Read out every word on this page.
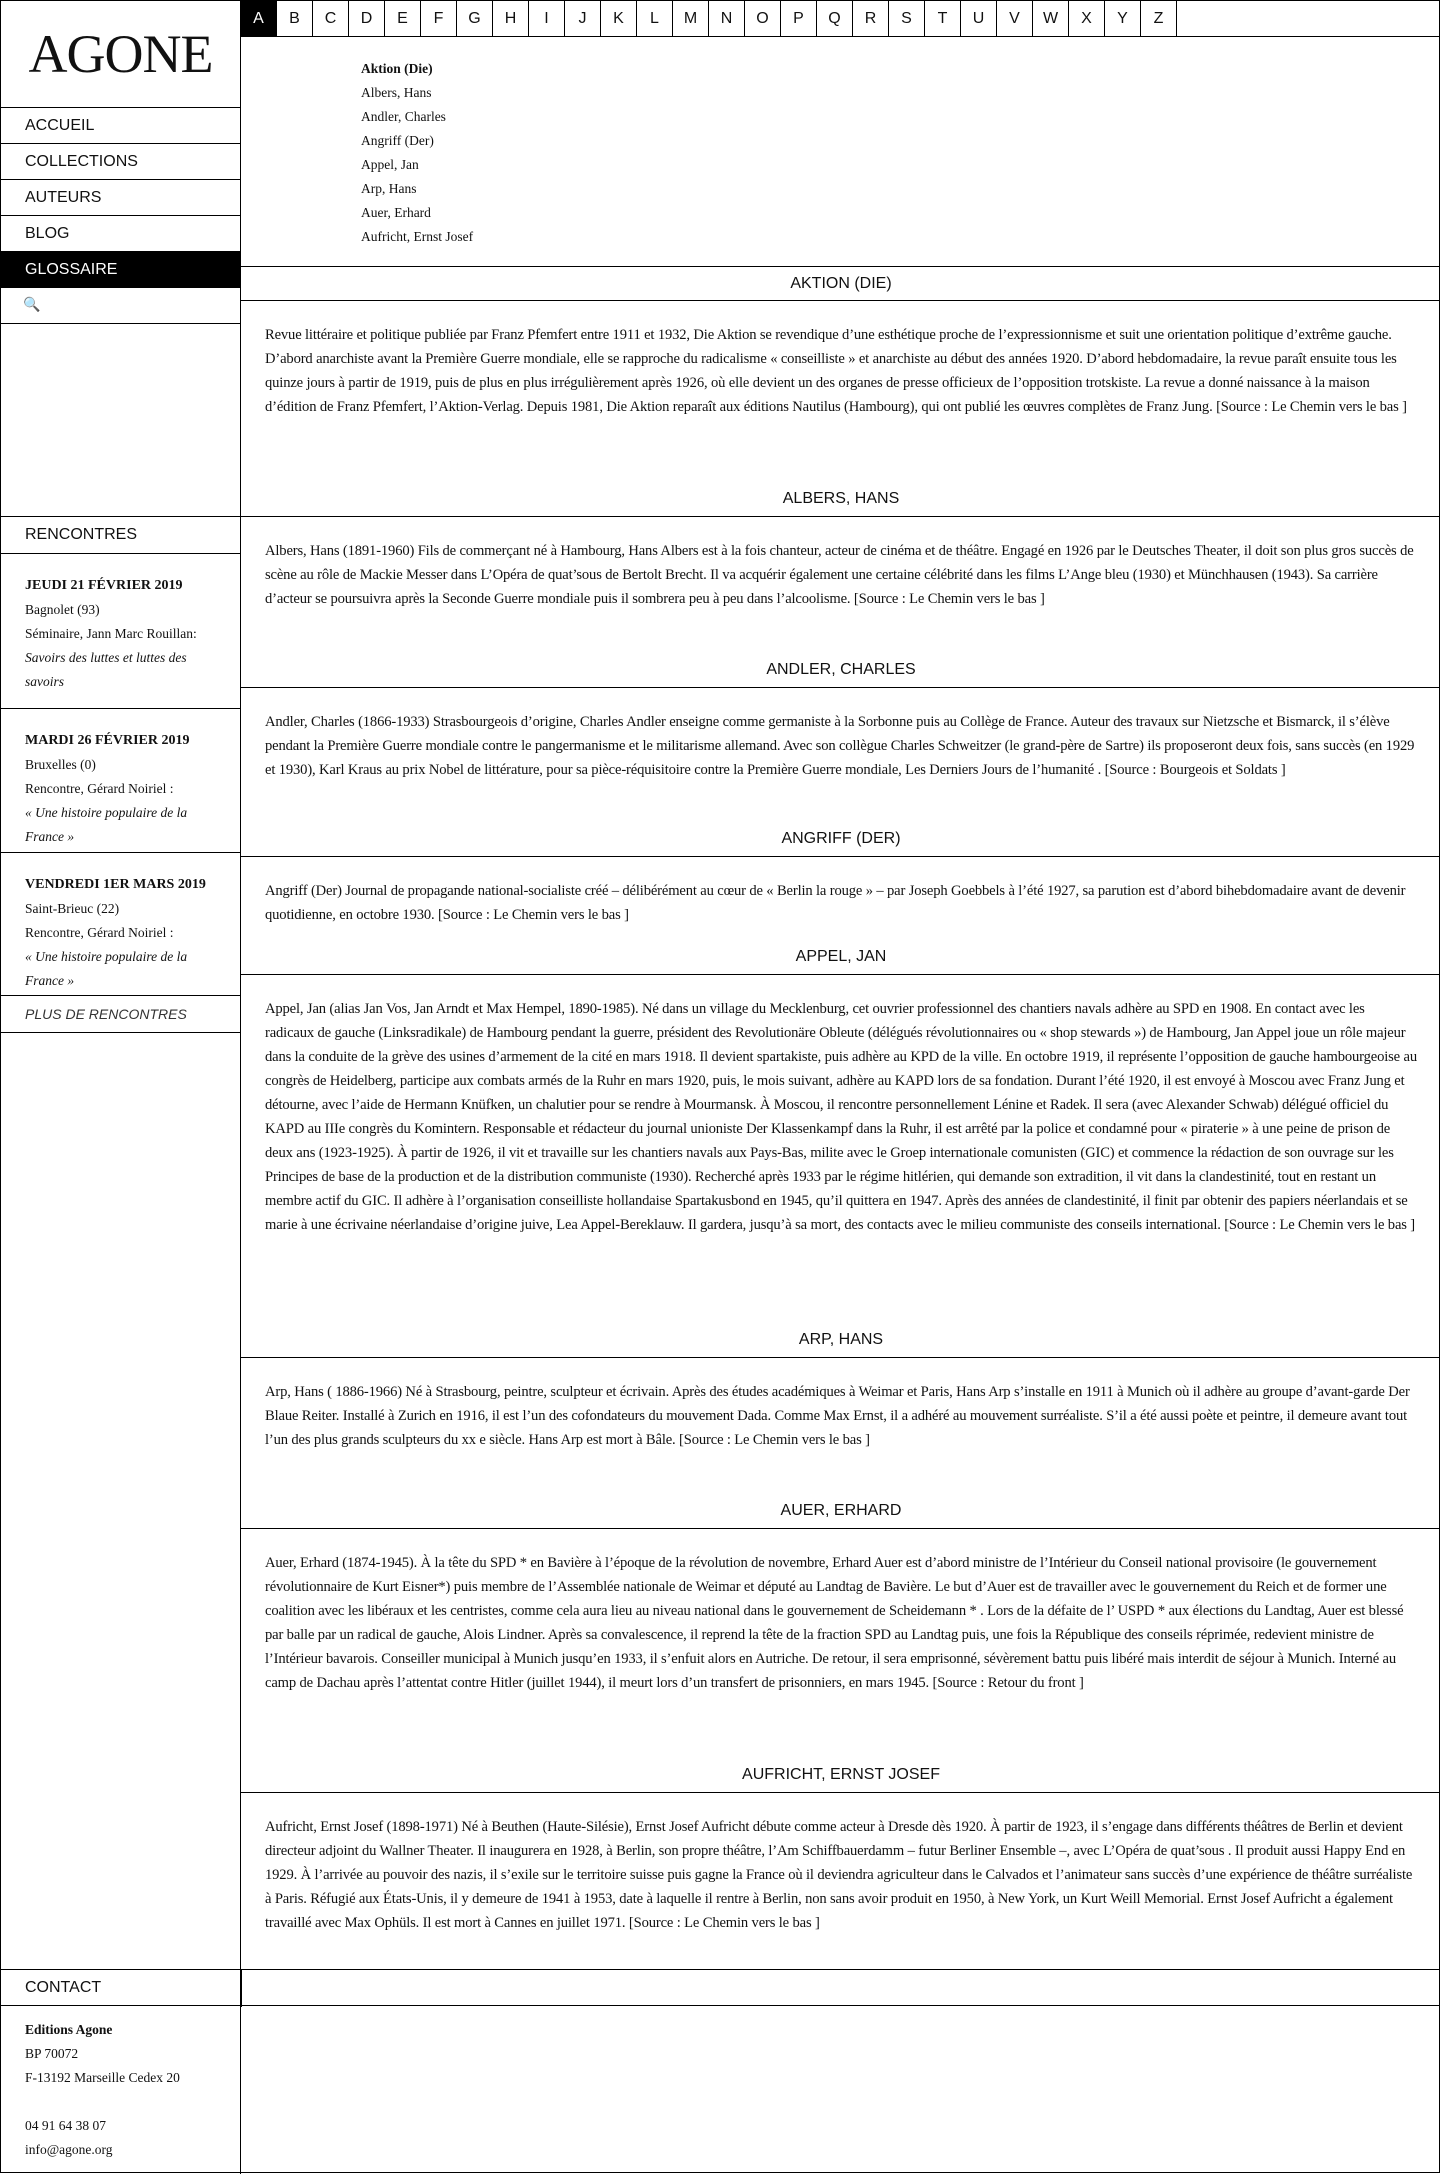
AGONE
ACCUEIL
COLLECTIONS
AUTEURS
BLOG
GLOSSAIRE
🔍
RENCONTRES
JEUDI 21 FÉVRIER 2019
Bagnolet (93)
Séminaire, Jann Marc Rouillan:
Savoirs des luttes et luttes des savoirs
MARDI 26 FÉVRIER 2019
Bruxelles (0)
Rencontre, Gérard Noiriel :
« Une histoire populaire de la France »
VENDREDI 1ER MARS 2019
Saint-Brieuc (22)
Rencontre, Gérard Noiriel :
« Une histoire populaire de la France »
PLUS DE RENCONTRES
Editions Agone
BP 70072
F-13192 Marseille Cedex 20
04 91 64 38 07
info@agone.org
A	B	C	D	E	F	G	H	I	J	K	L	M	N	O	P	Q	R	S	T	U	V	W	X	Y	Z
Aktion (Die)
Albers, Hans
Andler, Charles
Angriff (Der)
Appel, Jan
Arp, Hans
Auer, Erhard
Aufricht, Ernst Josef
AKTION (DIE)
Revue littéraire et politique publiée par Franz Pfemfert entre 1911 et 1932, Die Aktion se revendique d’une esthétique proche de l’expressionnisme et suit une orientation politique d’extrême gauche. D’abord anarchiste avant la Première Guerre mondiale, elle se rapproche du radicalisme « conseilliste » et anarchiste au début des années 1920. D’abord hebdomadaire, la revue paraît ensuite tous les quinze jours à partir de 1919, puis de plus en plus irrégulièrement après 1926, où elle devient un des organes de presse officieux de l’opposition trotskiste. La revue a donné naissance à la maison d’édition de Franz Pfemfert, l’Aktion-Verlag. Depuis 1981, Die Aktion reparaît aux éditions Nautilus (Hambourg), qui ont publié les œuvres complètes de Franz Jung. [Source : Le Chemin vers le bas ]
ALBERS, HANS
Albers, Hans (1891-1960) Fils de commerçant né à Hambourg, Hans Albers est à la fois chanteur, acteur de cinéma et de théâtre. Engagé en 1926 par le Deutsches Theater, il doit son plus gros succès de scène au rôle de Mackie Messer dans L’Opéra de quat’sous de Bertolt Brecht. Il va acquérir également une certaine célébrité dans les films L’Ange bleu (1930) et Münchhausen (1943). Sa carrière d’acteur se poursuivra après la Seconde Guerre mondiale puis il sombrera peu à peu dans l’alcoolisme. [Source : Le Chemin vers le bas ]
ANDLER, CHARLES
Andler, Charles (1866-1933) Strasbourgeois d’origine, Charles Andler enseigne comme germaniste à la Sorbonne puis au Collège de France. Auteur des travaux sur Nietzsche et Bismarck, il s’élève pendant la Première Guerre mondiale contre le pangermanisme et le militarisme allemand. Avec son collègue Charles Schweitzer (le grand-père de Sartre) ils proposeront deux fois, sans succès (en 1929 et 1930), Karl Kraus au prix Nobel de littérature, pour sa pièce-réquisitoire contre la Première Guerre mondiale, Les Derniers Jours de l’humanité . [Source : Bourgeois et Soldats ]
ANGRIFF (DER)
Angriff (Der) Journal de propagande national-socialiste créé – délibérément au cœur de « Berlin la rouge » – par Joseph Goebbels à l’été 1927, sa parution est d’abord bihebdomadaire avant de devenir quotidienne, en octobre 1930. [Source : Le Chemin vers le bas ]
APPEL, JAN
Appel, Jan (alias Jan Vos, Jan Arndt et Max Hempel, 1890-1985). Né dans un village du Mecklenburg, cet ouvrier professionnel des chantiers navals adhère au SPD en 1908. En contact avec les radicaux de gauche (Linksradikale) de Hambourg pendant la guerre, président des Revolutionäre Obleute (délégués révolutionnaires ou « shop stewards ») de Hambourg, Jan Appel joue un rôle majeur dans la conduite de la grève des usines d’armement de la cité en mars 1918. Il devient spartakiste, puis adhère au KPD de la ville. En octobre 1919, il représente l’opposition de gauche hambourgeoise au congrès de Heidelberg, participe aux combats armés de la Ruhr en mars 1920, puis, le mois suivant, adhère au KAPD lors de sa fondation. Durant l’été 1920, il est envoyé à Moscou avec Franz Jung et détourne, avec l’aide de Hermann Knüfken, un chalutier pour se rendre à Mourmansk. À Moscou, il rencontre personnellement Lénine et Radek. Il sera (avec Alexander Schwab) délégué officiel du KAPD au IIIe congrès du Komintern. Responsable et rédacteur du journal unioniste Der Klassenkampf dans la Ruhr, il est arrêté par la police et condamné pour « piraterie » à une peine de prison de deux ans (1923-1925). À partir de 1926, il vit et travaille sur les chantiers navals aux Pays-Bas, milite avec le Groep internationale comunisten (GIC) et commence la rédaction de son ouvrage sur les Principes de base de la production et de la distribution communiste (1930). Recherché après 1933 par le régime hitlérien, qui demande son extradition, il vit dans la clandestinité, tout en restant un membre actif du GIC. Il adhère à l’organisation conseilliste hollandaise Spartakusbond en 1945, qu’il quittera en 1947. Après des années de clandestinité, il finit par obtenir des papiers néerlandais et se marie à une écrivaine néerlandaise d’origine juive, Lea Appel-Bereklauw. Il gardera, jusqu’à sa mort, des contacts avec le milieu communiste des conseils international. [Source : Le Chemin vers le bas ]
ARP, HANS
Arp, Hans ( 1886-1966) Né à Strasbourg, peintre, sculpteur et écrivain. Après des études académiques à Weimar et Paris, Hans Arp s’installe en 1911 à Munich où il adhère au groupe d’avant-garde Der Blaue Reiter. Installé à Zurich en 1916, il est l’un des cofondateurs du mouvement Dada. Comme Max Ernst, il a adhéré au mouvement surréaliste. S’il a été aussi poète et peintre, il demeure avant tout l’un des plus grands sculpteurs du xx e siècle. Hans Arp est mort à Bâle. [Source : Le Chemin vers le bas ]
AUER, ERHARD
Auer, Erhard (1874-1945). À la tête du SPD * en Bavière à l’époque de la révolution de novembre, Erhard Auer est d’abord ministre de l’Intérieur du Conseil national provisoire (le gouvernement révolutionnaire de Kurt Eisner*) puis membre de l’Assemblée nationale de Weimar et député au Landtag de Bavière. Le but d’Auer est de travailler avec le gouvernement du Reich et de former une coalition avec les libéraux et les centristes, comme cela aura lieu au niveau national dans le gouvernement de Scheidemann * . Lors de la défaite de l’ USPD * aux élections du Landtag, Auer est blessé par balle par un radical de gauche, Alois Lindner. Après sa convalescence, il reprend la tête de la fraction SPD au Landtag puis, une fois la République des conseils réprimée, redevient ministre de l’Intérieur bavarois. Conseiller municipal à Munich jusqu’en 1933, il s’enfuit alors en Autriche. De retour, il sera emprisonné, sévèrement battu puis libéré mais interdit de séjour à Munich. Interné au camp de Dachau après l’attentat contre Hitler (juillet 1944), il meurt lors d’un transfert de prisonniers, en mars 1945. [Source : Retour du front ]
AUFRICHT, ERNST JOSEF
Aufricht, Ernst Josef (1898-1971) Né à Beuthen (Haute-Silésie), Ernst Josef Aufricht débute comme acteur à Dresde dès 1920. À partir de 1923, il s’engage dans différents théâtres de Berlin et devient directeur adjoint du Wallner Theater. Il inaugurera en 1928, à Berlin, son propre théâtre, l’Am Schiffbauerdamm – futur Berliner Ensemble –, avec L’Opéra de quat’sous . Il produit aussi Happy End en 1929. À l’arrivée au pouvoir des nazis, il s’exile sur le territoire suisse puis gagne la France où il deviendra agriculteur dans le Calvados et l’animateur sans succès d’une expérience de théâtre surréaliste à Paris. Réfugié aux États-Unis, il y demeure de 1941 à 1953, date à laquelle il rentre à Berlin, non sans avoir produit en 1950, à New York, un Kurt Weill Memorial. Ernst Josef Aufricht a également travaillé avec Max Ophüls. Il est mort à Cannes en juillet 1971. [Source : Le Chemin vers le bas ]
CONTACT
